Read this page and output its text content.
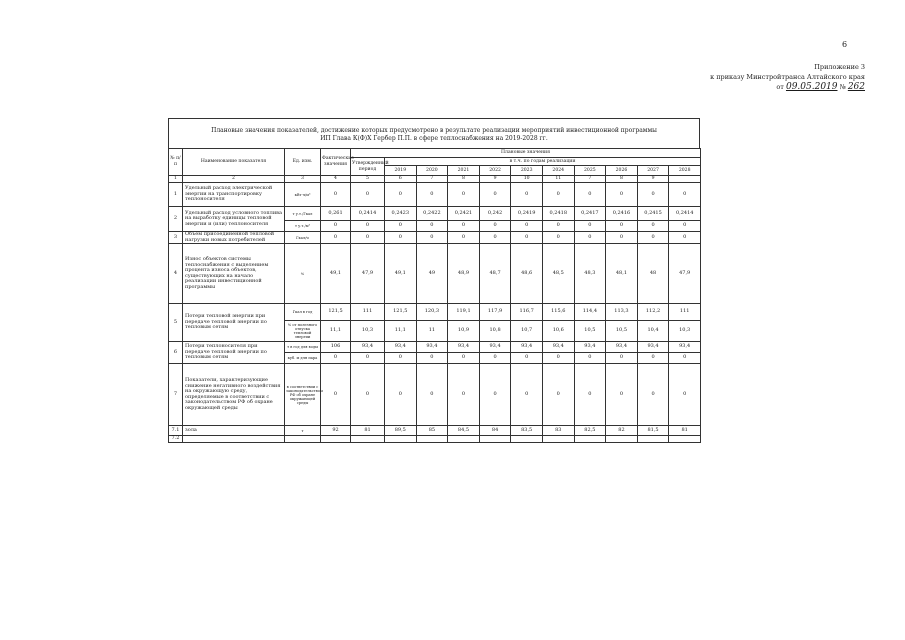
6
Приложение 3
к приказу Минстройтранса Алтайского края
от 09.05.2019 № 262
Плановые значения показателей, достижение которых предусмотрено в результате реализации мероприятий инвестиционной программы
ИП Глава К(Ф)Х Гербер П.П. в сфере теплоснабжения на 2019-2028 гг.
№ п/п	Наименование показателя	Ед. изм.	Фактические значения	Плановые значения										
				Утвержденный период	в т.ч. по годам реализации									
					2019	2020	2021	2022	2023	2024	2025	2026	2027	2028
1	2	3	4	5	6	7	8	9	10	11	7	8	9	
1	Удельный расход электрической энергии на транспортировку теплоносителя	кВт·ч/м³	0	0	0	0	0	0	0	0	0	0	0	0
2	Удельный расход условного топлива на выработку единицы тепловой энергии и (или) теплоносителя	т у.т./Гкал	0,261	0,2414	0,2423	0,2422	0,2421	0,242	0,2419	0,2418	0,2417	0,2416	0,2415	0,2414
		т у.т./м³	0	0	0	0	0	0	0	0	0	0	0	0
3	Объем присоединенной тепловой нагрузки новых потребителей	Гкал/ч	0	0	0	0	0	0	0	0	0	0	0	0
4	Износ объектов системы теплоснабжения с выделением процента износа объектов, существующих на начало реализации инвестиционной программы	%	49,1	47,9	49,1	49	48,9	48,7	48,6	48,5	48,3	48,1	48	47,9
5	Потери тепловой энергии при передаче тепловой энергии по тепловым сетям	Гкал в год	121,5	111	121,5	120,3	119,1	117,9	116,7	115,6	114,4	113,3	112,2	111
		% от полезного отпуска тепловой энергии	11,1	10,3	11,1	11	10,9	10,8	10,7	10,6	10,5	10,5	10,4	10,3
6	Потери теплоносителя при передаче тепловой энергии по тепловым сетям	т в год для воды	106	93,4	93,4	93,4	93,4	93,4	93,4	93,4	93,4	93,4	93,4	93,4
		куб. м для пара	0	0	0	0	0	0	0	0	0	0	0	0
7	Показатели, характеризующие снижение негативного воздействия на окружающую среду, определяемые в соответствии с законодательством РФ об охране окружающей среды	в соответствии с законодательством РФ об охране окружающей среды	0	0	0	0	0	0	0	0	0	0	0	0
7.1	зола	т	92	81	89,5	85	84,5	84	83,5	83	82,5	82	81,5	81
7.2														
